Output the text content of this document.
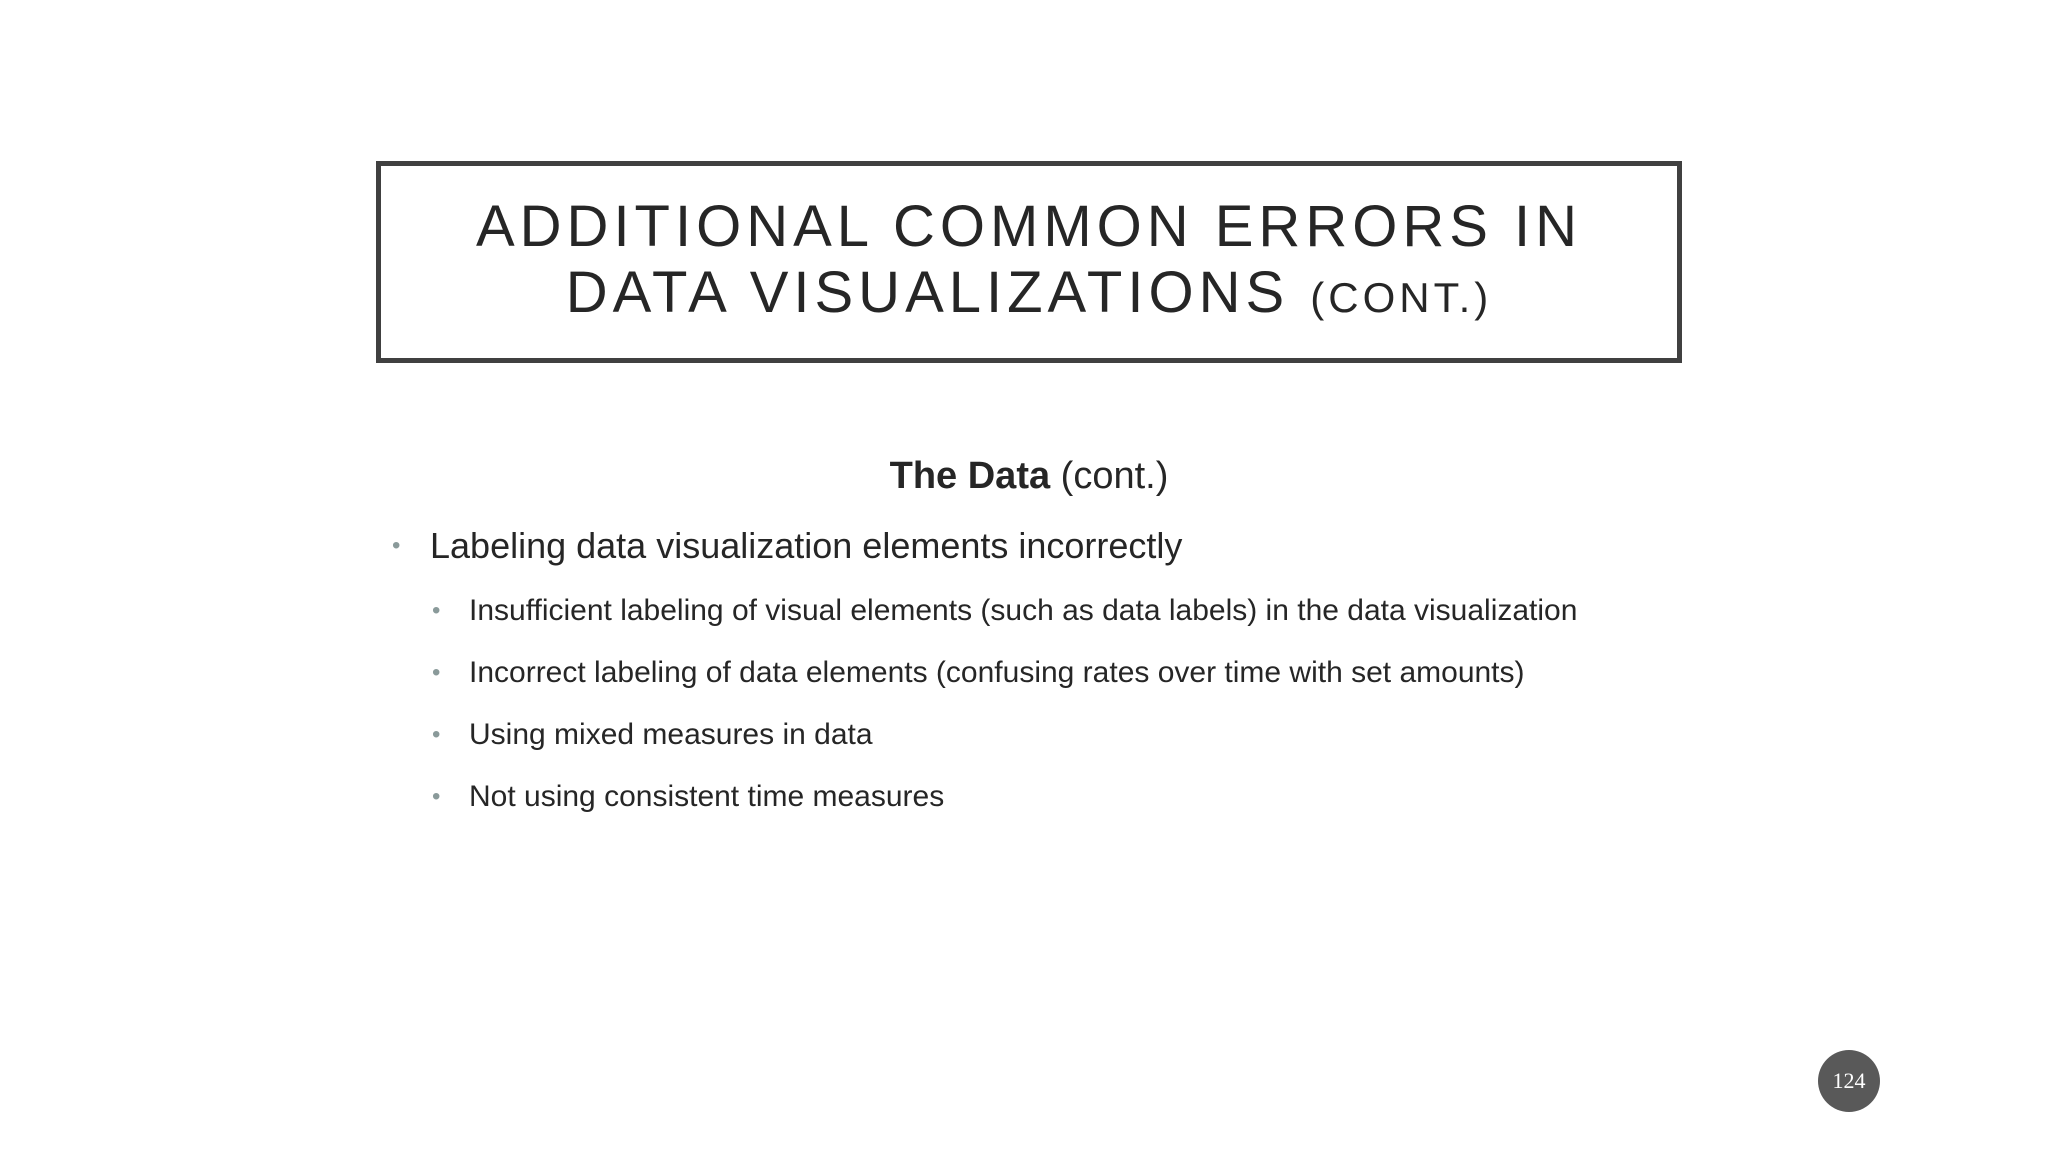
ADDITIONAL COMMON ERRORS IN
DATA VISUALIZATIONS (CONT.)
The Data (cont.)
• Labeling data visualization elements incorrectly
• Insufficient labeling of visual elements (such as data labels) in the data visualization
• Incorrect labeling of data elements (confusing rates over time with set amounts)
• Using mixed measures in data
• Not using consistent time measures
124
